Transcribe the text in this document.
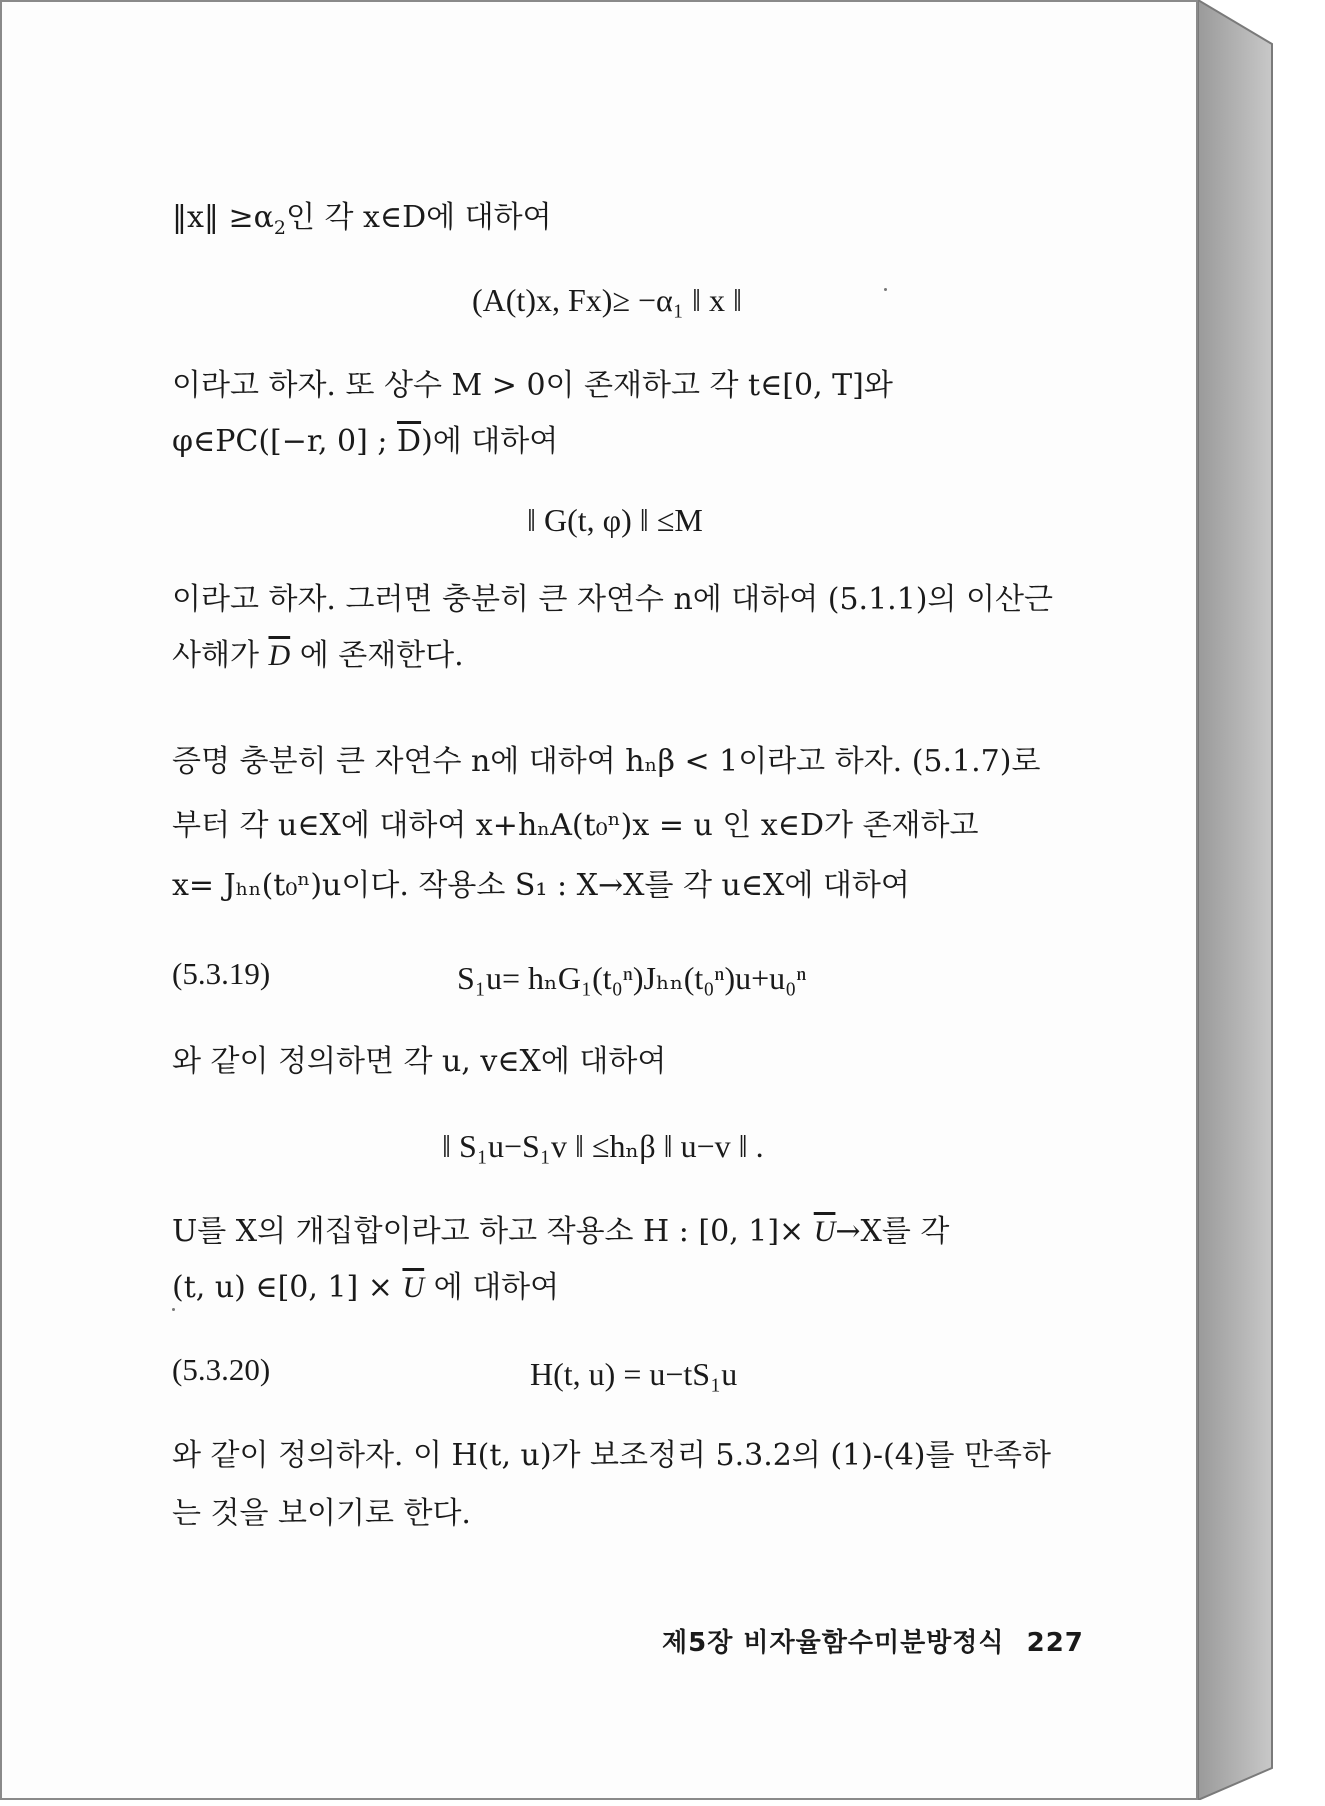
‖x‖ $\ge\alpha_2$인 각 x∈D에 대하여
(A(t)x, Fx)≥ −α₁ ‖ x ‖
이라고 하자. 또 상수 M > 0이 존재하고 각 t∈[0, T]와
φ∈PC([−r, 0] ; $\overline{D}$)에 대하여
‖ G(t, φ) ‖ ≤M
이라고 하자. 그러면 충분히 큰 자연수 n에 대하여 (5.1.1)의 이산근
사해가 $\overline{D}$ 에 존재한다.
증명 충분히 큰 자연수 n에 대하여 hₙβ < 1이라고 하자. (5.1.7)로
부터 각 u∈X에 대하여 x+hₙA(t₀ⁿ)x = u 인 x∈D가 존재하고
x= Jₕₙ(t₀ⁿ)u이다. 작용소 S₁ : X→X를 각 u∈X에 대하여
(5.3.19)	S₁u= hₙG₁(t₀ⁿ)Jₕₙ(t₀ⁿ)u+u₀ⁿ
와 같이 정의하면 각 u, v∈X에 대하여
‖ S₁u−S₁v ‖ ≤hₙβ ‖ u−v ‖ .
U를 X의 개집합이라고 하고 작용소 H : [0, $1]\times \overline{U}\to X$를 각
(t, u) ∈[0, $1] \times \overline{U}$ 에 대하여
(5.3.20)	H(t, u) = u−tS₁u
와 같이 정의하자. 이 H(t, u)가 보조정리 5.3.2의 (1)-(4)를 만족하
는 것을 보이기로 한다.
제5장 비자율함수미분방정식 227
